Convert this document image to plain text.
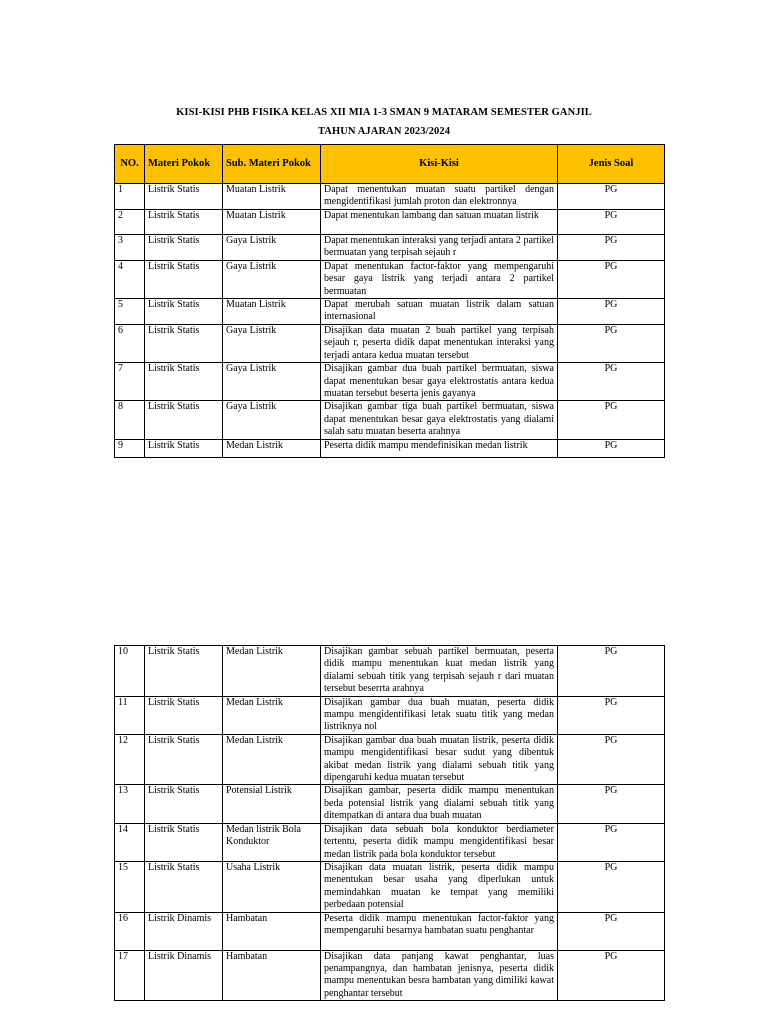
KISI-KISI PHB FISIKA KELAS XII MIA 1-3 SMAN 9 MATARAM SEMESTER GANJIL
TAHUN AJARAN 2023/2024
NO.	Materi Pokok	Sub. Materi Pokok	Kisi-Kisi	Jenis Soal
1	Listrik Statis	Muatan Listrik	Dapat menentukan muatan suatu partikel dengan mengidentifikasi jumlah proton dan elektronnya	PG
2	Listrik Statis	Muatan Listrik	Dapat menentukan lambang dan satuan muatan listrik	PG
3	Listrik Statis	Gaya Listrik	Dapat menentukan interaksi yang terjadi antara 2 partikel bermuatan yang terpisah sejauh r	PG
4	Listrik Statis	Gaya Listrik	Dapat menentukan factor-faktor yang mempengaruhi besar gaya listrik yang terjadi antara 2 partikel bermuatan	PG
5	Listrik Statis	Muatan Listrik	Dapat merubah satuan muatan listrik dalam satuan internasional	PG
6	Listrik Statis	Gaya Listrik	Disajikan data muatan 2 buah partikel yang terpisah sejauh r, peserta didik dapat menentukan interaksi yang terjadi antara kedua muatan tersebut	PG
7	Listrik Statis	Gaya Listrik	Disajikan gambar dua buah partikel bermuatan, siswa dapat menentukan besar gaya elektrostatis antara kedua muatan tersebut beserta jenis gayanya	PG
8	Listrik Statis	Gaya Listrik	Disajikan gambar tiga buah partikel bermuatan, siswa dapat menentukan besar gaya elektrostatis yang dialami salah satu muatan beserta arahnya	PG
9	Listrik Statis	Medan Listrik	Peserta didik mampu mendefinisikan medan listrik	PG
10	Listrik Statis	Medan Listrik	Disajikan gambar sebuah partikel bermuatan, peserta didik mampu menentukan kuat medan listrik yang dialami sebuah titik yang terpisah sejauh r dari muatan tersebut beserrta arahnya	PG
11	Listrik Statis	Medan Listrik	Disajikan gambar dua buah muatan, peserta didik mampu mengidentifikasi letak suatu titik yang medan listriknya nol	PG
12	Listrik Statis	Medan Listrik	Disajikan gambar dua buah muatan listrik, peserta didik mampu mengidentifikasi besar sudut yang dibentuk akibat medan listrik yang dialami sebuah titik yang dipengaruhi kedua muatan tersebut	PG
13	Listrik Statis	Potensial Listrik	Disajikan gambar, peserta didik mampu menentukan beda potensial listrik yang dialami sebuah titik yang ditempatkan di antara dua buah muatan	PG
14	Listrik Statis	Medan listrik Bola Konduktor	Disajikan data sebuah bola konduktor berdiameter tertentu, peserta didik mampu mengidentifikasi besar medan listrik pada bola konduktor tersebut	PG
15	Listrik Statis	Usaha Listrik	Disajikan data muatan listrik, peserta didik mampu menentukan besar usaha yang diperlukan untuk memindahkan muatan ke tempat yang memiliki perbedaan potensial	PG
16	Listrik Dinamis	Hambatan	Peserta didik mampu menentukan factor-faktor yang mempengaruhi besarnya hambatan suatu penghantar	PG
17	Listrik Dinamis	Hambatan	Disajikan data panjang kawat penghantar, luas penampangnya, dan hambatan jenisnya, peserta didik mampu menentukan besra hambatan yang dimiliki kawat penghantar tersebut	PG
